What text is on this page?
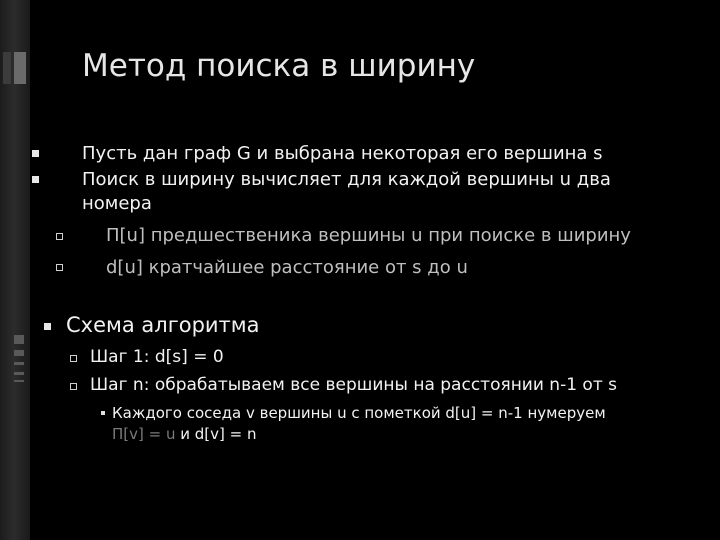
Метод поиска в ширину
Пусть дан граф G и выбрана некоторая его вершина s
Поиск в ширину вычисляет для каждой вершины u два
номера
П[u] предшественика вершины u при поиске в ширину
d[u] кратчайшее расстояние от s до u
Схема алгоритма
Шаг 1: d[s] = 0
Шаг n: обрабатываем все вершины на расстоянии n-1 от s
Каждого соседа v вершины u с пометкой d[u] = n-1 нумеруем
П[v] = u и d[v] = n
